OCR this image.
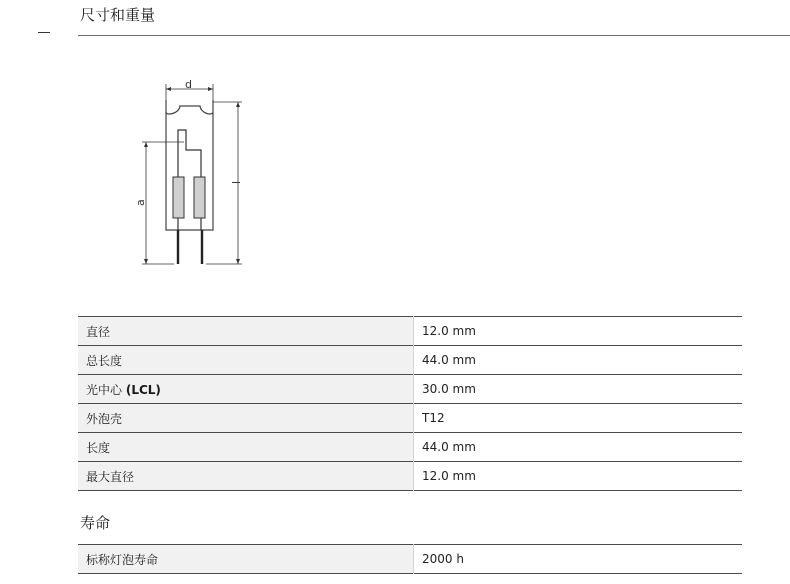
尺寸和重量
d
a
l
直径	12.0 mm
总长度	44.0 mm
光中心 (LCL)	30.0 mm
外泡壳	T12
长度	44.0 mm
最大直径	12.0 mm
寿命
标称灯泡寿命	2000 h
